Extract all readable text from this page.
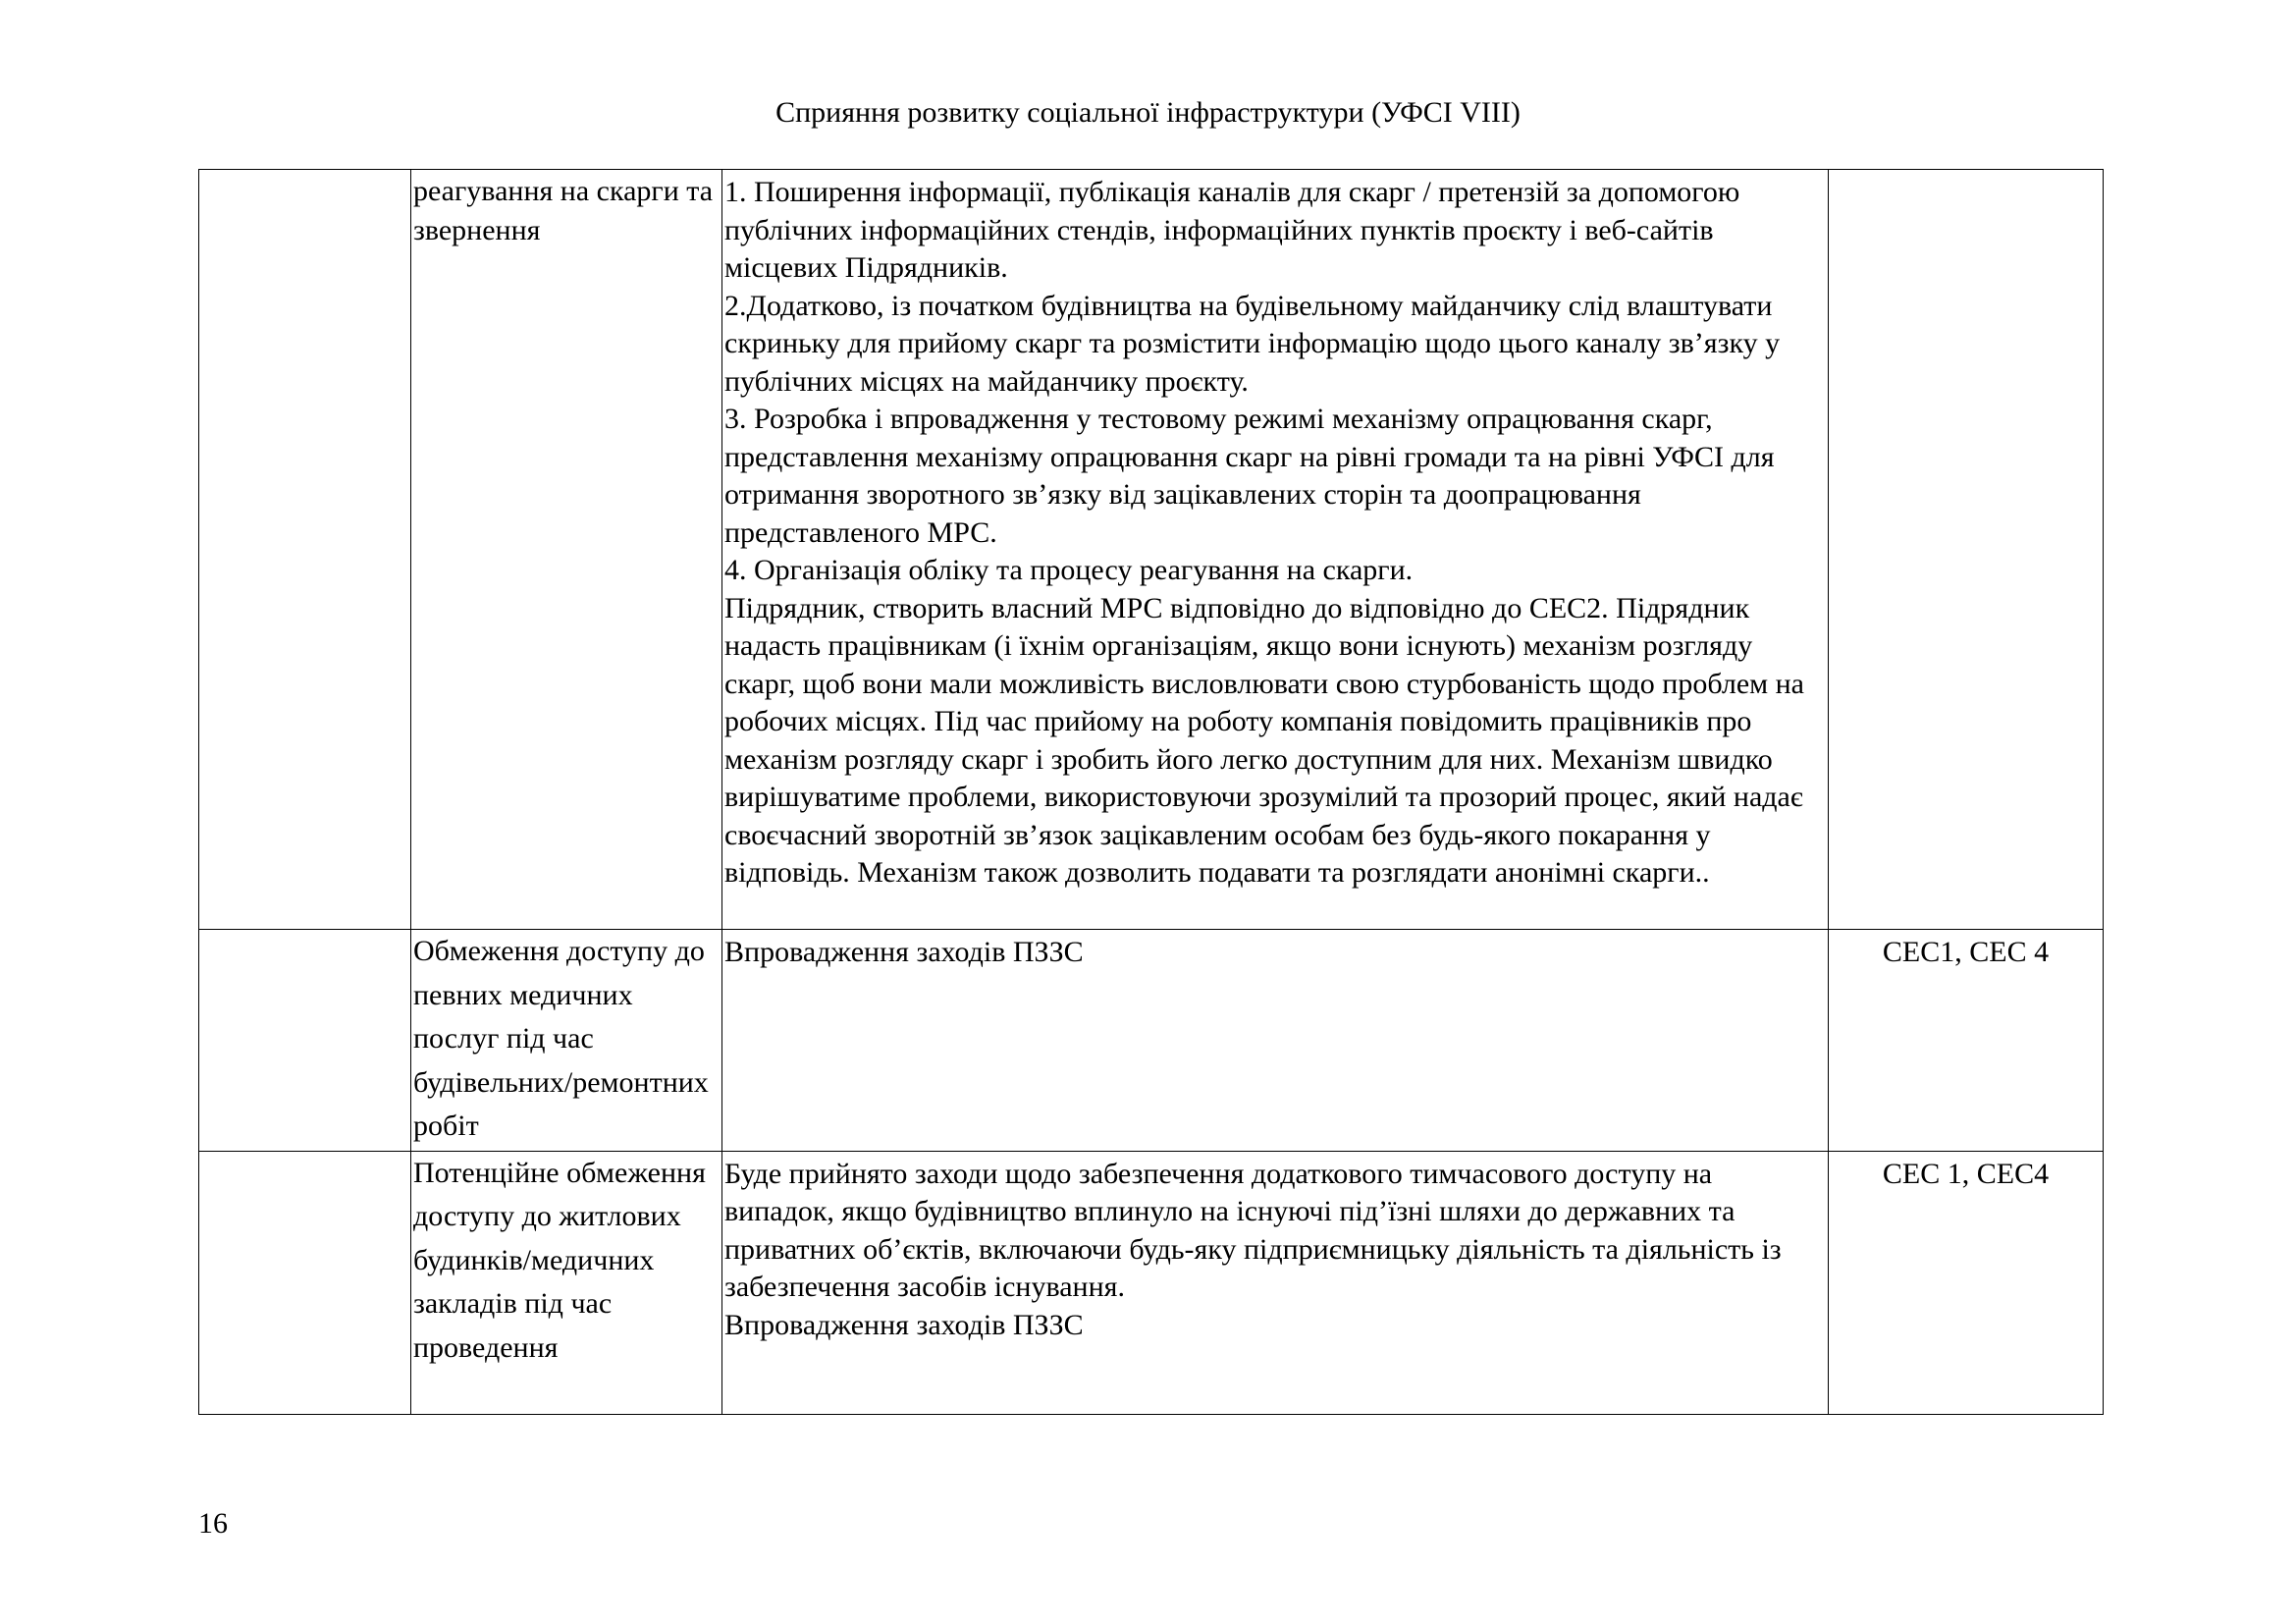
Сприяння розвитку соціальної інфраструктури (УФСІ VIII)
	реагування на скарги та звернення	1. Поширення інформації, публікація каналів для скарг / претензій за допомогою публічних інформаційних стендів, інформаційних пунктів проєкту і веб-сайтів місцевих Підрядників.
2.Додатково, із початком будівництва на будівельному майданчику слід влаштувати скриньку для прийому скарг та розмістити інформацію щодо цього каналу зв’язку у публічних місцях на майданчику проєкту.
3. Розробка і впровадження у тестовому режимі механізму опрацювання скарг, представлення механізму опрацювання скарг на рівні громади та на рівні УФСІ для отримання зворотного зв’язку від зацікавлених сторін та доопрацювання представленого МРС.
4. Організація обліку та процесу реагування на скарги.
Підрядник, створить власний МРС відповідно до відповідно до CEC2. Підрядник надасть працівникам (і їхнім організаціям, якщо вони існують) механізм розгляду скарг, щоб вони мали можливість висловлювати свою стурбованість щодо проблем на робочих місцях. Під час прийому на роботу компанія повідомить працівників про механізм розгляду скарг і зробить його легко доступним для них. Механізм швидко вирішуватиме проблеми, використовуючи зрозумілий та прозорий процес, який надає своєчасний зворотній зв’язок зацікавленим особам без будь-якого покарання у відповідь. Механізм також дозволить подавати та розглядати анонімні скарги..	

	Обмеження доступу до певних медичних послуг під час будівельних/ремонтних робіт	Впровадження заходів ПЗЗС	CEC1, CEC 4
	Потенційне обмеження доступу до житлових будинків/медичних закладів під час проведення	Буде прийнято заходи щодо забезпечення додаткового тимчасового доступу на випадок, якщо будівництво вплинуло на існуючі під’їзні шляхи до державних та приватних об’єктів, включаючи будь-яку підприємницьку діяльність та діяльність із забезпечення засобів існування.
Впровадження заходів ПЗЗС	CEC 1, CEC4
16
